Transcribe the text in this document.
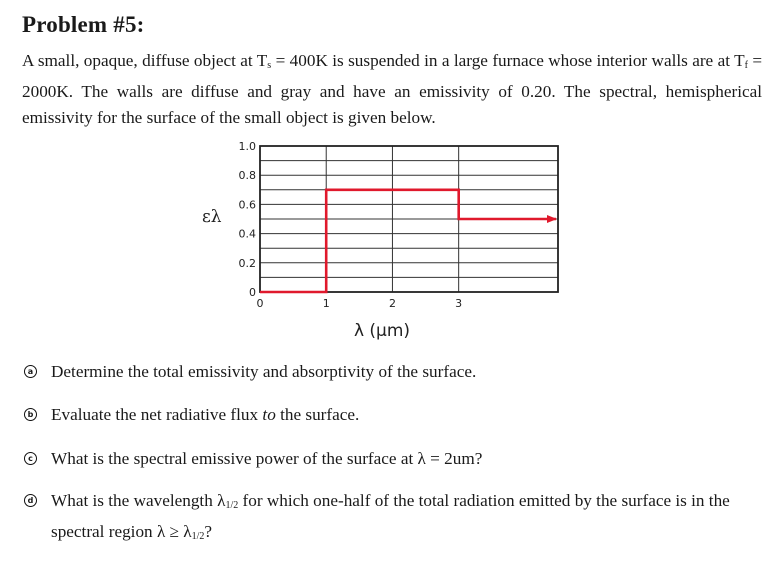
Problem #5:
A small, opaque, diffuse object at $T_s = 400K$ is suspended in a large furnace whose interior walls are at $T_f = 2000K$. The walls are diffuse and gray and have an emissivity of 0.20. The spectral, hemispherical emissivity for the surface of the small object is given below.
0
0.2
0.4
0.6
0.8
1.0
0	1	2	3
ελ
λ (μm)
a Determine the total emissivity and absorptivity of the surface.
b Evaluate the net radiative flux to the surface.
c What is the spectral emissive power of the surface at λ = 2um?
d What is the wavelength $\lambda_{1/2}$ for which one-half of the total radiation emitted by the surface is in the spectral region $\lambda \ge \lambda_{1/2}$?
